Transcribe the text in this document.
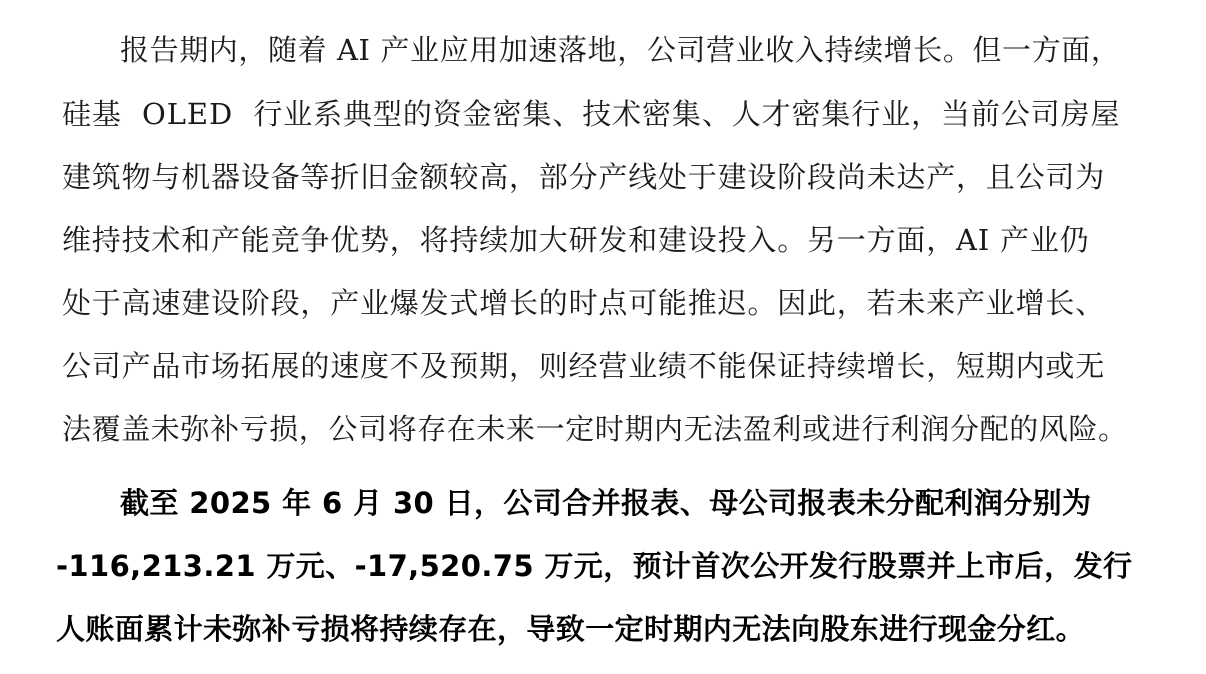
报告期内，随着 AI 产业应用加速落地，公司营业收入持续增长。但一方面，
硅基  OLED  行业系典型的资金密集、技术密集、人才密集行业，当前公司房屋
建筑物与机器设备等折旧金额较高，部分产线处于建设阶段尚未达产，且公司为
维持技术和产能竞争优势，将持续加大研发和建设投入。另一方面，AI 产业仍
处于高速建设阶段，产业爆发式增长的时点可能推迟。因此，若未来产业增长、
公司产品市场拓展的速度不及预期，则经营业绩不能保证持续增长，短期内或无
法覆盖未弥补亏损，公司将存在未来一定时期内无法盈利或进行利润分配的风险。
截至 2025 年 6 月 30 日，公司合并报表、母公司报表未分配利润分别为
-116,213.21 万元、-17,520.75 万元，预计首次公开发行股票并上市后，发行
人账面累计未弥补亏损将持续存在，导致一定时期内无法向股东进行现金分红。
